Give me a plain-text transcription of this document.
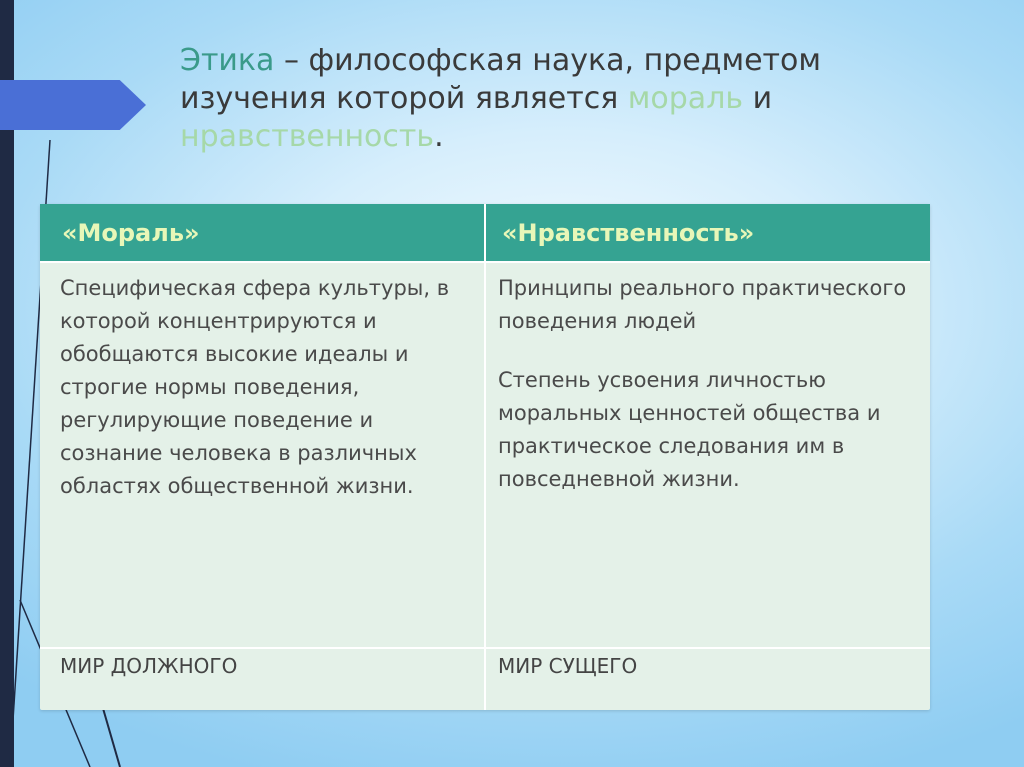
Этика – философская наука, предметом
изучения которой является мораль и
нравственность.
«Мораль»	«Нравственность»
Специфическая сфера культуры, в которой концентрируются и обобщаются высокие идеалы и строгие нормы поведения, регулирующие поведение и сознание человека в различных областях общественной жизни.
Принципы реального практического поведения людей
Степень усвоения личностью моральных ценностей общества и практическое следования им в повседневной жизни.
МИР ДОЛЖНОГО	МИР СУЩЕГО
